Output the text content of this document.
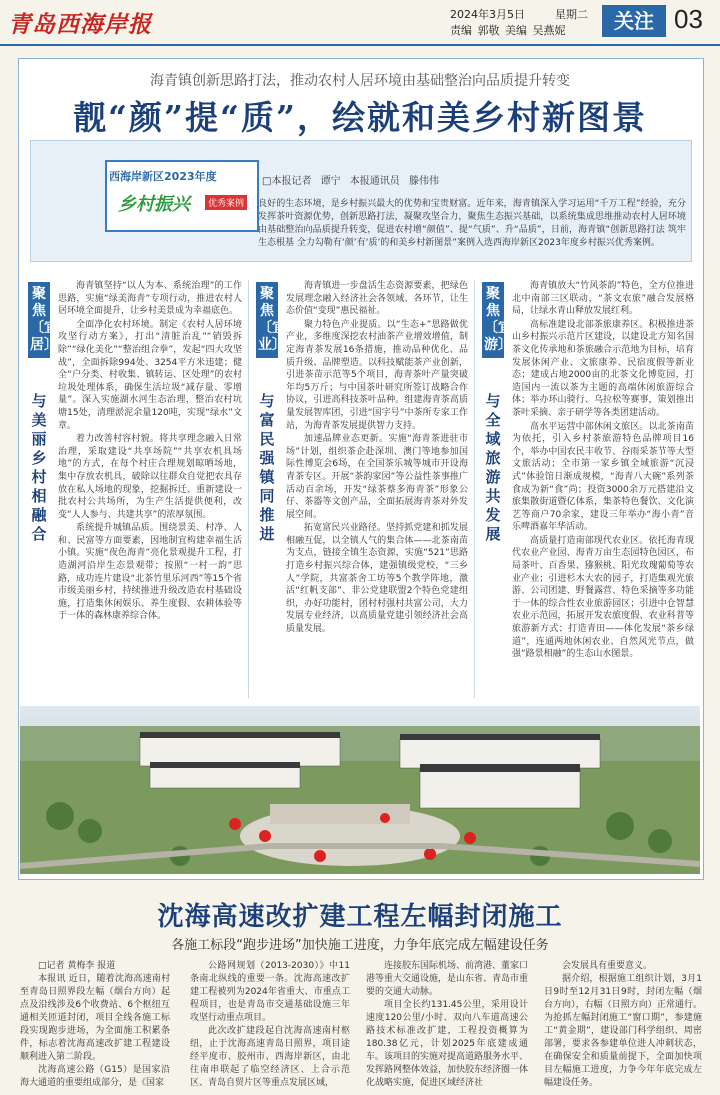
青岛西海岸报	2024年3月5日	星期二
责编 郭敬 美编 吴燕妮	关注 03
海青镇创新思路打法，推动农村人居环境由基础整治向品质提升转变
靓“颜”提“质”，绘就和美乡村新图景
西海岸新区2023年度
乡村振兴	优秀案例
□本报记者 谭宁 本报通讯员 滕伟伟
良好的生态环境，是乡村振兴最大的优势和宝贵财富。近年来，海青镇深入学习运用“千万工程”经验，充分发挥茶叶资源优势，创新思路打法，凝聚攻坚合力，聚焦生态振兴基础，以系统集成思维推动农村人居环境由基础整治向品质提升转变，促进农村增“颜值”、提“气质”、升“品质”，日前，海青镇“创新思路打法 筑牢生态根基 全力勾勒有‘颜’有‘质’的和美乡村新图景”案例入选西海岸新区2023年度乡村振兴优秀案例。
聚焦〔宜居〕
与美丽乡村相融合

海青镇坚持“以人为本、系统治理”的工作思路，实施“绿美海青”专项行动，推进农村人居环境全面提升，让乡村美景成为幸福底色。

全面净化农村环境。制定《农村人居环境攻坚行动方案》，打出“清脏治乱”“销毁拆除”“绿化美化”“整治组合拳”，发起“四大攻坚战”，全面拆除994处、3254平方米违建；健全“户分类、村收集、镇转运、区处理”的农村垃圾处理体系，确保生活垃圾“减存量、零增量”。深入实施湖水河生态治理，整治农村坑塘15处，清理淤泥余量120吨，实现“绿水”文章。

着力改善村容村貌。将共享理念融入日常治理，采取建设“共享场院”“共享农机具场地”的方式，在每个村庄合理规划晾晒场地，集中存放农机具，破除以往群众自觉把农具存放在私人场地的现象，挖掘拆迁、重新建设一批农村公共场所，为生产生活提供便利，改变“人人参与、共建共享”的浓厚氛围。

系统提升城镇品质。围绕景美、村净、人和、民富等方面要素，因地制宜构建幸福生活小镇。实施“夜色海青”亮化景观提升工程，打造湖河沿岸生态景观带；按照“一村一韵”思路，成功连片建设“北茶竹里乐河西”等15个省市级美丽乡村，持续推进升级改造农村基础设施，打造集休闲娱乐、养生度假、农耕体验等于一体的森林康养综合体。

聚焦〔宜业〕
与富民强镇同推进

海青镇进一步盘活生态资源要素，把绿色发展理念融入经济社会各领域、各环节，让生态价值“变现”惠民福祉。

聚力特色产业提质。以“生态+”思路做优产业，多维度深挖农村油茶产业增效增值，制定海青茶发展16条措施，推动品种优化、品质升级、品牌塑造。以科技赋能茶产业创新，引进茶苗示范等5个项目，海青茶叶产量突破年均5万斤；与中国茶叶研究所签订战略合作协议，引进高科技茶叶品种。组建海青茶高质量发展智库团，引进“国字号”中茶所专家工作站，为海青茶发展提供智力支持。

加速品牌业态更新。实施“海青茶进驻市场”计划，组织茶企赴深圳、澳门等地参加国际性博览会6场，在全国茶乐城等城市开设海青茶专区。开展“茶韵家园”等公益性茶事推广活动百余场，开发“绿茶蔡多海青茶”形象公仔、茶器等文创产品，全面拓展海青茶对外发展空间。

拓宽富民兴业路径。坚持抓党建和抓发展相融互促，以全镇人气的集合体——北茶南苗为支点，链接全镇生态资源，实施“521”思路打造乡村振兴综合体，建强镇级党校，“三乡人”学院，共富茶舍工坊等5个教学阵地，激活“红帆支部”、非公党建联盟2个特色党建组织，办好功能村，团村村强村共富公司，大力发展专业经济，以高质量党建引领经济社会高质量发展。

聚焦〔宜游〕
与全域旅游共发展

海青镇放大“竹风茶韵”特色，全方位推进北中南部三区联动，“茶文农旅”融合发展格局，让绿水青山释放发展红利。

高标准建设北部茶旅康养区。积极推进茶山乡村振兴示范片区建设，以建设北方知名国茶文化传承地和茶旅融合示范地为目标，培育发展休闲产业、文旅康养、民宿度假等新业态；建成占地2000亩的北茶文化博览园，打造国内一流以茶为主题的高端休闲旅游综合体；举办环山骑行、乌拉松等赛事，策划推出茶叶采摘、亲子研学等各类团建活动。

高水平运营中部休闲文旅区。以北茶南苗为依托，引入乡村茶旅游特色品牌项目16个，举办中国农民丰收节、谷雨采茶节等大型文旅活动；全市第一家乡镇全域旅游“沉浸式”体验馆日渐成规模，“海青八大碗”系列茶食成为新“食”尚；投资3000余万元搭建沿文旅集散街道暨亿体系，集茶特色餐饮、文化演艺等商户70余家，建设三年举办“海小青”音乐啤酒嘉年华活动。

高质量打造南部现代农业区。依托海青现代农业产业园、海青万亩生态园特色园区，布局茶叶、百香果、猕猴桃、阳光玫瑰葡萄等农业产业；引进杉木大农的园子，打造集观光旅游、公司团建、野餐露营、特色采摘等多功能于一体的综合性农业旅游园区；引进中仓智慧农业示范园，拓展开发农旅度假、农业科普等旅游新方式；打造青田——体化发展“茶乡绿道”，连通两地休闲农业、自然风光节点，做强“路景相融”的生态山水图景。

沈海高速改扩建工程左幅封闭施工
各施工标段“跑步进场”加快施工进度，力争年底完成左幅建设任务

□记者 黄梅李 报道

本报讯 近日，随着沈海高速南村至青岛日照界段左幅（烟台方向）起点及沿线涉及6个收费站、6个枢纽互通相关匝道封闭，项目全线各施工标段实现跑步进场，为全面施工积累条件，标志着沈海高速改扩建工程建设顺利进入第二阶段。

沈海高速公路（G15）是国家沿海大通道的重要组成部分，是《国家

公路网规划（2013-2030）》中11条南北纵线的重要一条。沈海高速改扩建工程被列为2024年省重大、市重点工程项目，也是青岛市交通基础设施三年攻坚行动重点项目。

此次改扩建段起自沈海高速南村枢纽，止于沈海高速青岛日照界，项目途经平度市、胶州市、西海岸新区，由北往南串联起了临空经济区、上合示范区、青岛自贸片区等重点发展区域，

连接胶东国际机场、前湾港、董家口港等重大交通设施，是山东省、青岛市重要的交通大动脉。

项目全长约131.45公里，采用设计速度120公里/小时、双向八车道高速公路技术标准改扩建，工程投资概算为180.38亿元，计划2025年底建成通车。该项目的实施对提高道路服务水平、发挥路网整体效益，加快胶东经济圈一体化战略实施，促进区域经济社

会发展具有重要意义。

据介绍，根据施工组织计划，3月1日9时至12月31日9时，封闭左幅（烟台方向），右幅（日照方向）正常通行。为抢抓左幅封闭施工“窗口期”，参建施工“黄金期”，建设部门科学组织、周密部署，要求各参建单位进人冲刺状态，在确保安全和质量前提下，全面加快项目左幅施工进度，力争今年年底完成左幅建设任务。
